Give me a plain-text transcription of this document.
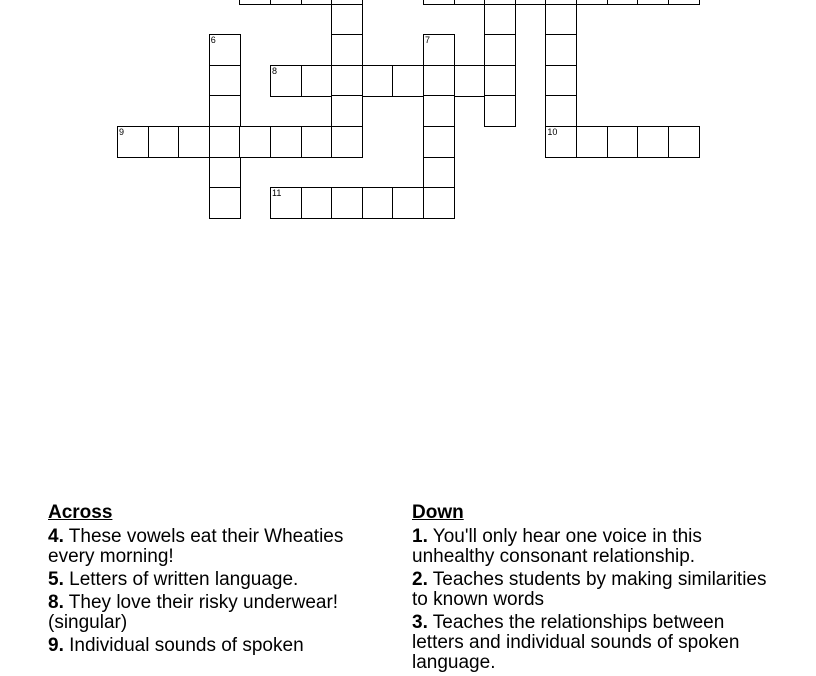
6	7
8
9	10
11
Across
4. These vowels eat their Wheaties every morning!
5. Letters of written language.
8. They love their risky underwear! (singular)
9. Individual sounds of spoken
Down
1. You'll only hear one voice in this unhealthy consonant relationship.
2. Teaches students by making similarities to known words
3. Teaches the relationships between letters and individual sounds of spoken language.
